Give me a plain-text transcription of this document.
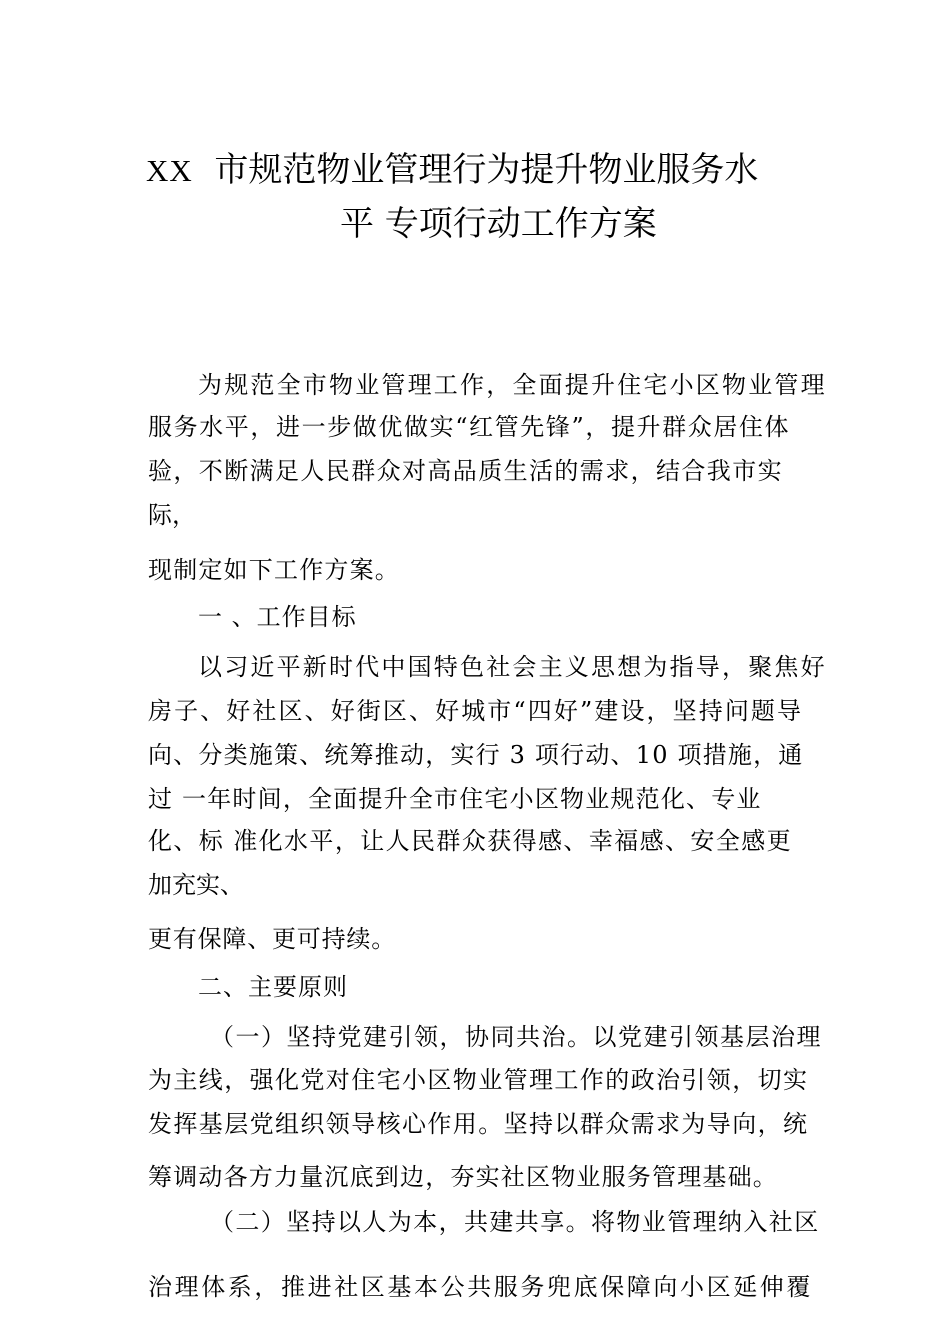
XX 市规范物业管理行为提升物业服务水
平 专项行动工作方案
为规范全市物业管理工作，全面提升住宅小区物业管理
服务水平，进一步做优做实“红管先锋”，提升群众居住体
验，不断满足人民群众对高品质生活的需求，结合我市实
际，
现制定如下工作方案。
一 、工作目标
以习近平新时代中国特色社会主义思想为指导，聚焦好
房子、好社区、好街区、好城市“四好”建设，坚持问题导
向、分类施策、统筹推动，实行 3 项行动、10 项措施，通
过 一年时间，全面提升全市住宅小区物业规范化、专业
化、标 准化水平，让人民群众获得感、幸福感、安全感更
加充实、
更有保障、更可持续。
二、主要原则
（一）坚持党建引领，协同共治。以党建引领基层治理
为主线，强化党对住宅小区物业管理工作的政治引领，切实
发挥基层党组织领导核心作用。坚持以群众需求为导向，统
筹调动各方力量沉底到边，夯实社区物业服务管理基础。
（二）坚持以人为本，共建共享。将物业管理纳入社区
治理体系，推进社区基本公共服务兜底保障向小区延伸覆
